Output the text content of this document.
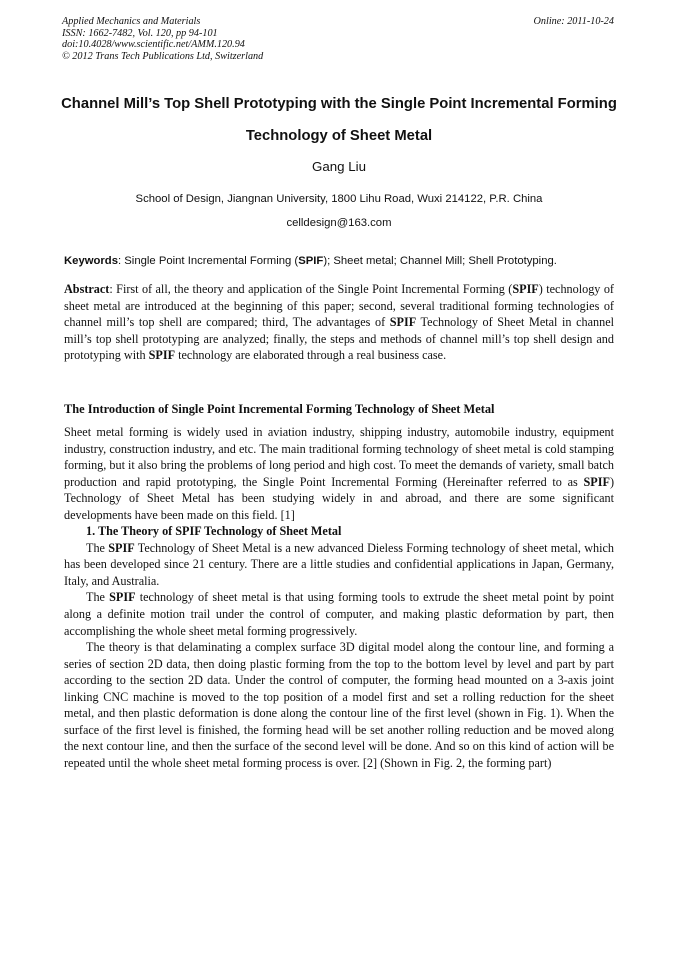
Applied Mechanics and Materials
ISSN: 1662-7482, Vol. 120, pp 94-101
doi:10.4028/www.scientific.net/AMM.120.94
© 2012 Trans Tech Publications Ltd, Switzerland
Online: 2011-10-24
Channel Mill’s Top Shell Prototyping with the Single Point Incremental Forming Technology of Sheet Metal
Gang Liu
School of Design, Jiangnan University, 1800 Lihu Road, Wuxi 214122, P.R. China
celldesign@163.com
Keywords: Single Point Incremental Forming (SPIF); Sheet metal; Channel Mill; Shell Prototyping.
Abstract: First of all, the theory and application of the Single Point Incremental Forming (SPIF) technology of sheet metal are introduced at the beginning of this paper; second, several traditional forming technologies of channel mill’s top shell are compared; third, The advantages of SPIF Technology of Sheet Metal in channel mill’s top shell prototyping are analyzed; finally, the steps and methods of channel mill’s top shell design and prototyping with SPIF technology are elaborated through a real business case.
The Introduction of Single Point Incremental Forming Technology of Sheet Metal

Sheet metal forming is widely used in aviation industry, shipping industry, automobile industry, equipment industry, construction industry, and etc. The main traditional forming technology of sheet metal is cold stamping forming, but it also bring the problems of long period and high cost. To meet the demands of variety, small batch production and rapid prototyping, the Single Point Incremental Forming (Hereinafter referred to as SPIF) Technology of Sheet Metal has been studying widely in and abroad, and there are some significant developments have been made on this field. [1]

1. The Theory of SPIF Technology of Sheet Metal

The SPIF Technology of Sheet Metal is a new advanced Dieless Forming technology of sheet metal, which has been developed since 21 century. There are a little studies and confidential applications in Japan, Germany, Italy, and Australia.

The SPIF technology of sheet metal is that using forming tools to extrude the sheet metal point by point along a definite motion trail under the control of computer, and making plastic deformation by part, then accomplishing the whole sheet metal forming progressively.

The theory is that delaminating a complex surface 3D digital model along the contour line, and forming a series of section 2D data, then doing plastic forming from the top to the bottom level by level and part by part according to the section 2D data. Under the control of computer, the forming head mounted on a 3-axis joint linking CNC machine is moved to the top position of a model first and set a rolling reduction for the sheet metal, and then plastic deformation is done along the contour line of the first level (shown in Fig. 1). When the surface of the first level is finished, the forming head will be set another rolling reduction and be moved along the next contour line, and then the surface of the second level will be done. And so on this kind of action will be repeated until the whole sheet metal forming process is over. [2] (Shown in Fig. 2, the forming part)
